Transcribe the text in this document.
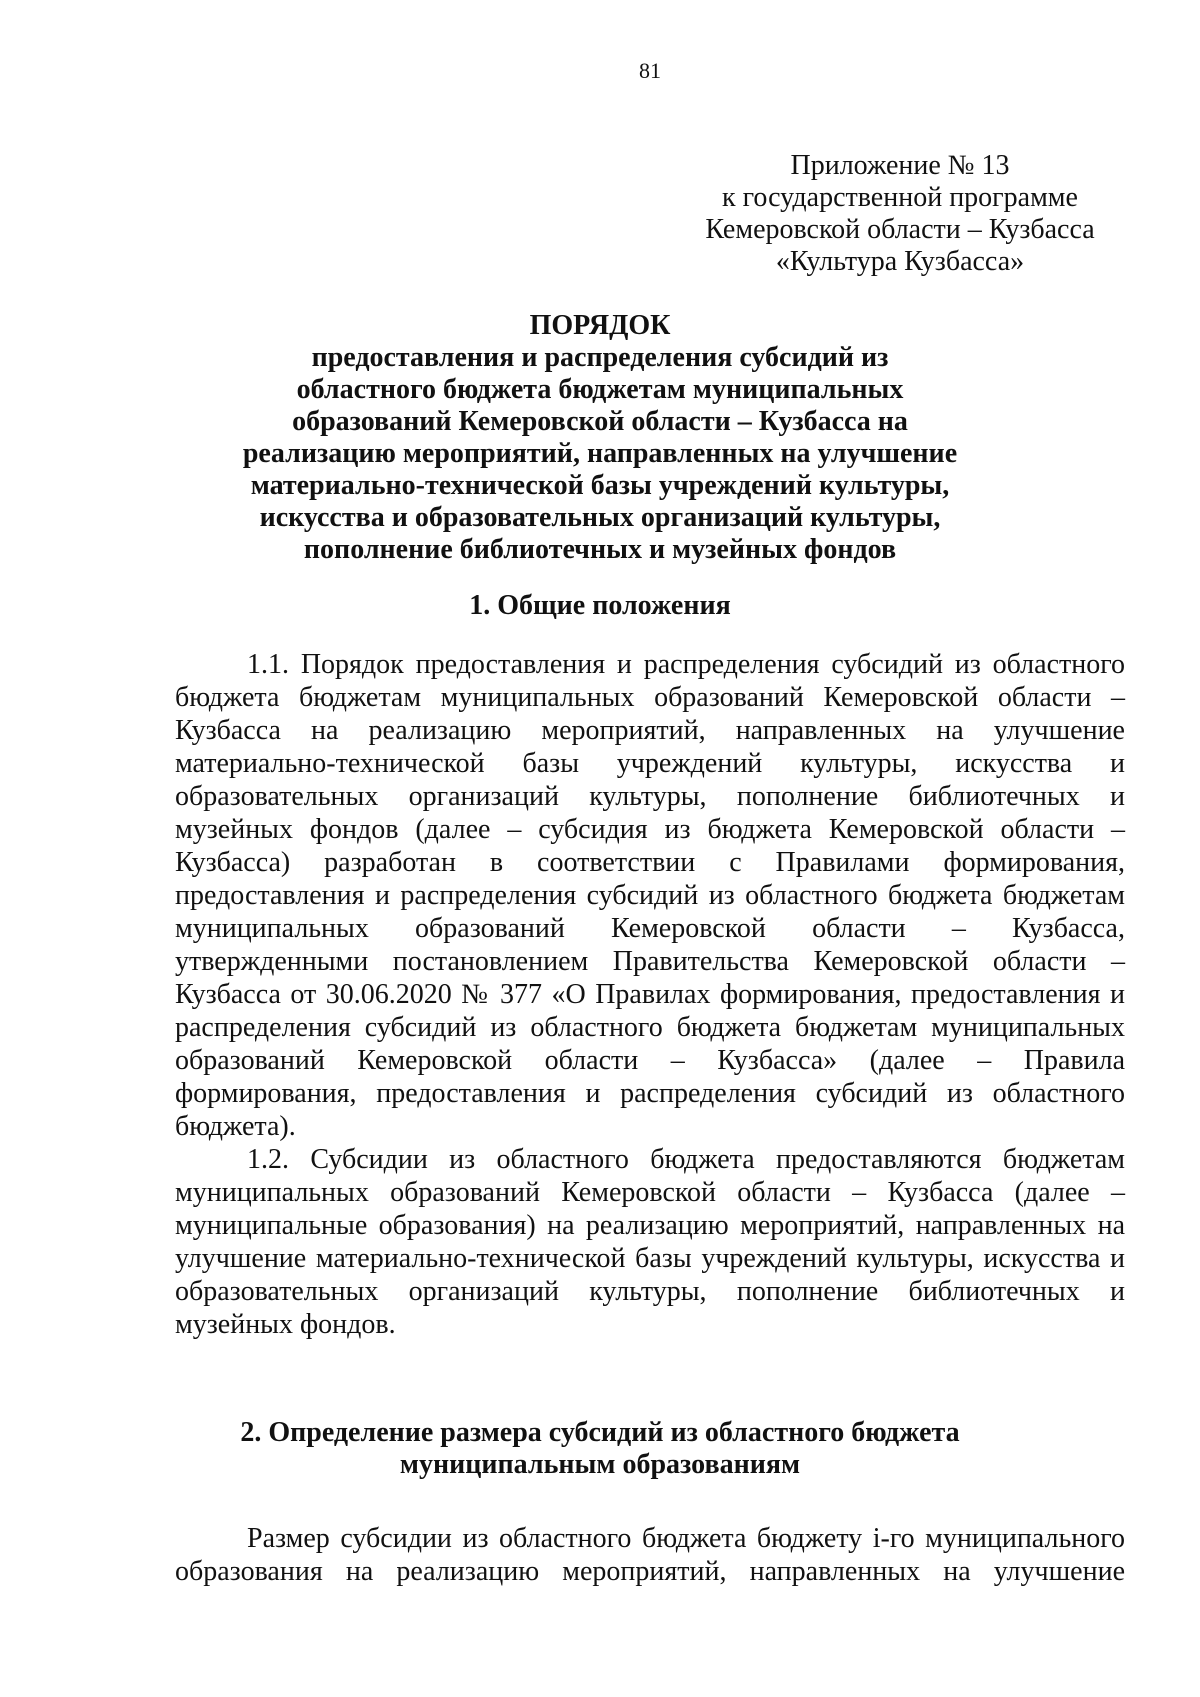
81
Приложение № 13
к государственной программе
Кемеровской области – Кузбасса
«Культура Кузбасса»
ПОРЯДОК
предоставления и распределения субсидий из
областного бюджета бюджетам муниципальных
образований Кемеровской области – Кузбасса на
реализацию мероприятий, направленных на улучшение
материально-технической базы учреждений культуры,
искусства и образовательных организаций культуры,
пополнение библиотечных и музейных фондов
1. Общие положения
1.1. Порядок предоставления и распределения субсидий из областного
бюджета бюджетам муниципальных образований Кемеровской области –
Кузбасса на реализацию мероприятий, направленных на улучшение
материально-технической базы учреждений культуры, искусства и
образовательных организаций культуры, пополнение библиотечных и
музейных фондов (далее – субсидия из бюджета Кемеровской области –
Кузбасса) разработан в соответствии с Правилами формирования,
предоставления и распределения субсидий из областного бюджета бюджетам
муниципальных образований Кемеровской области – Кузбасса,
утвержденными постановлением Правительства Кемеровской области –
Кузбасса от 30.06.2020 № 377 «О Правилах формирования, предоставления и
распределения субсидий из областного бюджета бюджетам муниципальных
образований Кемеровской области – Кузбасса» (далее – Правила
формирования, предоставления и распределения субсидий из областного
бюджета).
1.2. Субсидии из областного бюджета предоставляются бюджетам
муниципальных образований Кемеровской области – Кузбасса (далее –
муниципальные образования) на реализацию мероприятий, направленных на
улучшение материально-технической базы учреждений культуры, искусства и
образовательных организаций культуры, пополнение библиотечных и
музейных фондов.
2. Определение размера субсидий из областного бюджета
муниципальным образованиям
Размер субсидии из областного бюджета бюджету i-го муниципального
образования на реализацию мероприятий, направленных на улучшение
